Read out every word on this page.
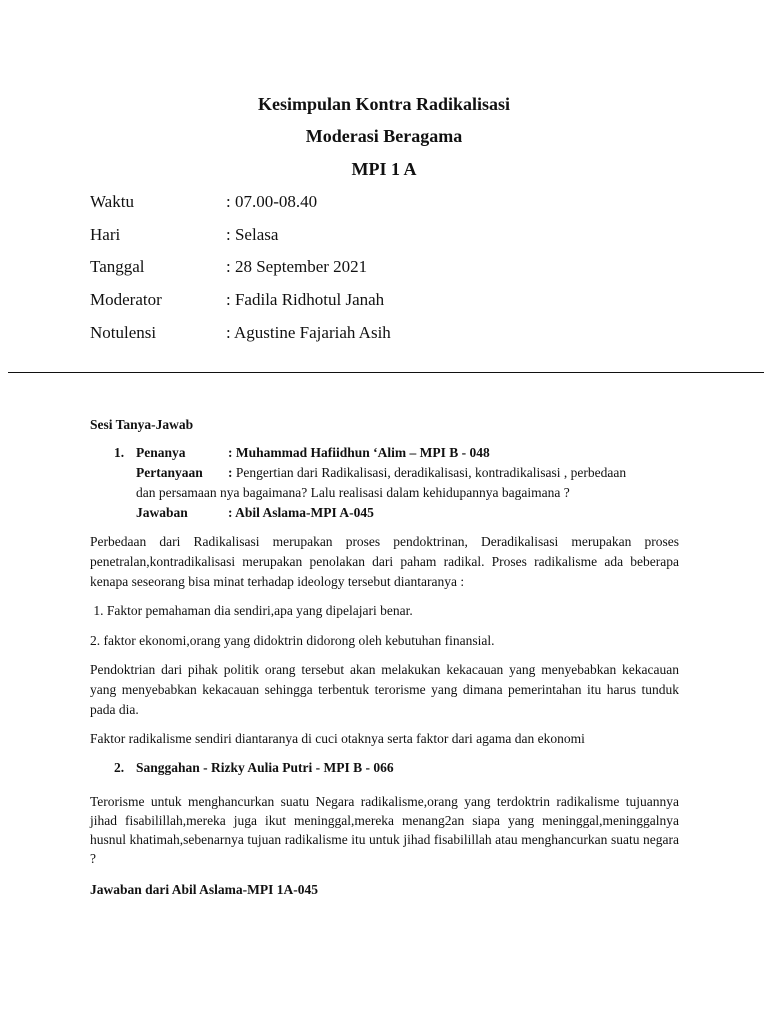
Kesimpulan Kontra Radikalisasi
Moderasi Beragama
MPI 1 A
Waktu	: 07.00-08.40
Hari	: Selasa
Tanggal	: 28 September 2021
Moderator	: Fadila Ridhotul Janah
Notulensi	: Agustine Fajariah Asih
Sesi Tanya-Jawab
1. Penanya	: Muhammad Hafiidhun ‘Alim – MPI B - 048
Pertanyaan : Pengertian dari Radikalisasi, deradikalisasi, kontradikalisasi , perbedaan
dan persamaan nya bagaimana? Lalu realisasi dalam kehidupannya bagaimana ?
Jawaban	: Abil Aslama-MPI A-045
Perbedaan dari Radikalisasi merupakan proses pendoktrinan, Deradikalisasi merupakan proses penetralan,kontradikalisasi merupakan penolakan dari paham radikal. Proses radikalisme ada beberapa kenapa seseorang bisa minat terhadap ideology tersebut diantaranya :
1. Faktor pemahaman dia sendiri,apa yang dipelajari benar.
2. faktor ekonomi,orang yang didoktrin didorong oleh kebutuhan finansial.
Pendoktrian dari pihak politik orang tersebut akan melakukan kekacauan yang menyebabkan kekacauan yang menyebabkan kekacauan sehingga terbentuk terorisme yang dimana pemerintahan itu harus tunduk pada dia.
Faktor radikalisme sendiri diantaranya di cuci otaknya serta faktor dari agama dan ekonomi
2. Sanggahan - Rizky Aulia Putri - MPI B - 066
Terorisme untuk menghancurkan suatu Negara radikalisme,orang yang terdoktrin radikalisme tujuannya jihad fisabilillah,mereka juga ikut meninggal,mereka menang2an siapa yang meninggal,meninggalnya husnul khatimah,sebenarnya tujuan radikalisme itu untuk jihad fisabilillah atau menghancurkan suatu negara ?
Jawaban dari Abil Aslama-MPI 1A-045
